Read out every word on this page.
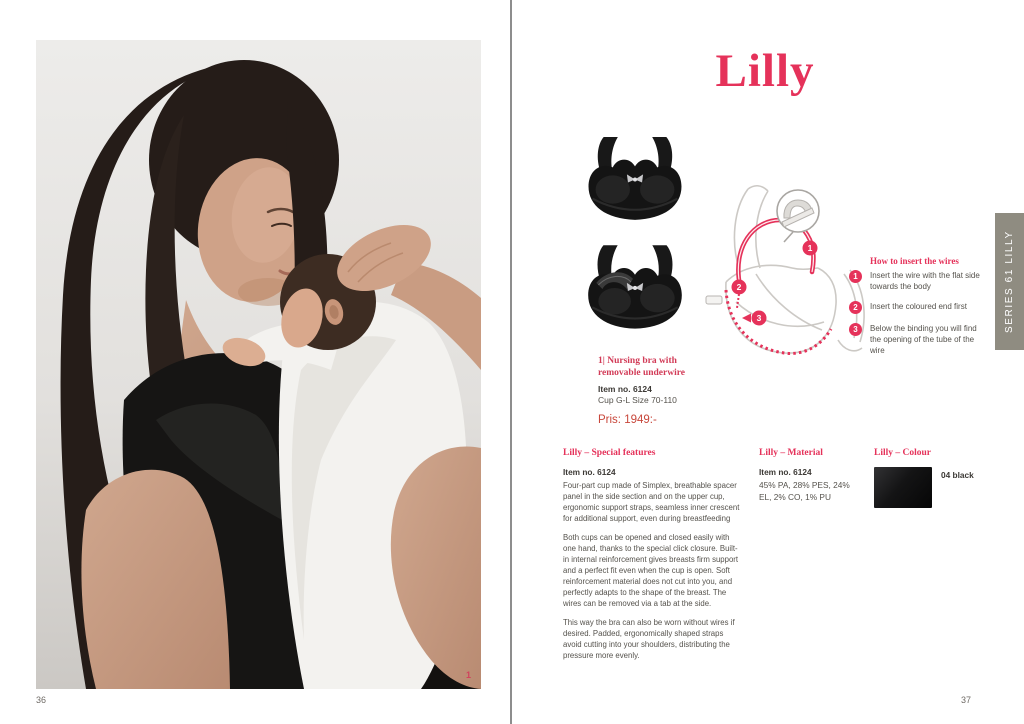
1
36
Lilly
1| Nursing bra with removable underwire
Item no. 6124
Cup G-L Size 70-110
Pris: 1949:-
1
2
3
How to insert the wires
1	Insert the wire with the flat side towards the body
2	Insert the coloured end first
3	Below the binding you will find the opening of the tube of the wire
Lilly – Special features
Item no. 6124
Four-part cup made of Simplex, breathable spacer panel in the side section and on the upper cup, ergonomic support straps, seamless inner crescent for additional support, even during breastfeeding
Both cups can be opened and closed easily with one hand, thanks to the special click closure. Built-in internal reinforcement gives breasts firm support and a perfect fit even when the cup is open. Soft reinforcement material does not cut into you, and perfectly adapts to the shape of the breast. The wires can be removed via a tab at the side.
This way the bra can also be worn without wires if desired. Padded, ergonomically shaped straps avoid cutting into your shoulders, distributing the pressure more evenly.
Lilly – Material
Item no. 6124
45% PA, 28% PES, 24% EL, 2% CO, 1% PU
Lilly – Colour
04 black
SERIES 61 LILLY
37
